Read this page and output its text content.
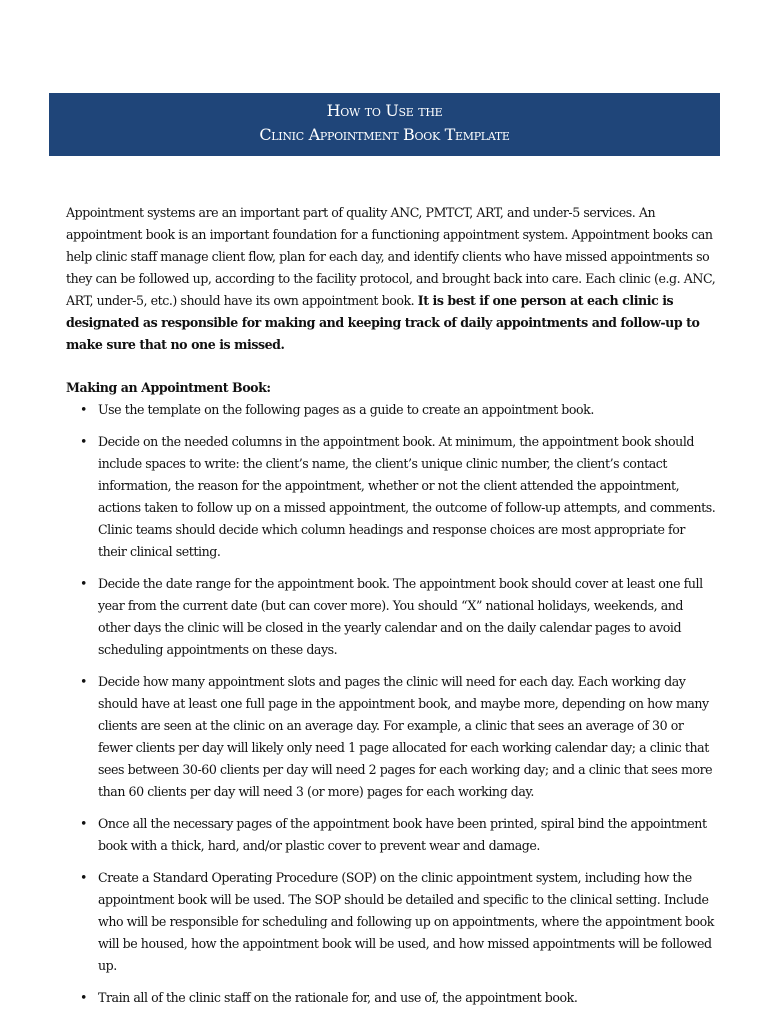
How to Use the
Clinic Appointment Book Template

Appointment systems are an important part of quality ANC, PMTCT, ART, and under-5 services. An appointment book is an important foundation for a functioning appointment system. Appointment books can help clinic staff manage client flow, plan for each day, and identify clients who have missed appointments so they can be followed up, according to the facility protocol, and brought back into care. Each clinic (e.g. ANC, ART, under-5, etc.) should have its own appointment book. It is best if one person at each clinic is designated as responsible for making and keeping track of daily appointments and follow-up to make sure that no one is missed.

Making an Appointment Book:
• Use the template on the following pages as a guide to create an appointment book.
• Decide on the needed columns in the appointment book. At minimum, the appointment book should include spaces to write: the client’s name, the client’s unique clinic number, the client’s contact information, the reason for the appointment, whether or not the client attended the appointment, actions taken to follow up on a missed appointment, the outcome of follow-up attempts, and comments. Clinic teams should decide which column headings and response choices are most appropriate for their clinical setting.
• Decide the date range for the appointment book. The appointment book should cover at least one full year from the current date (but can cover more). You should “X” national holidays, weekends, and other days the clinic will be closed in the yearly calendar and on the daily calendar pages to avoid scheduling appointments on these days.
• Decide how many appointment slots and pages the clinic will need for each day. Each working day should have at least one full page in the appointment book, and maybe more, depending on how many clients are seen at the clinic on an average day. For example, a clinic that sees an average of 30 or fewer clients per day will likely only need 1 page allocated for each working calendar day; a clinic that sees between 30-60 clients per day will need 2 pages for each working day; and a clinic that sees more than 60 clients per day will need 3 (or more) pages for each working day.
• Once all the necessary pages of the appointment book have been printed, spiral bind the appointment book with a thick, hard, and/or plastic cover to prevent wear and damage.
• Create a Standard Operating Procedure (SOP) on the clinic appointment system, including how the appointment book will be used. The SOP should be detailed and specific to the clinical setting. Include who will be responsible for scheduling and following up on appointments, where the appointment book will be housed, how the appointment book will be used, and how missed appointments will be followed up.
• Train all of the clinic staff on the rationale for, and use of, the appointment book.
